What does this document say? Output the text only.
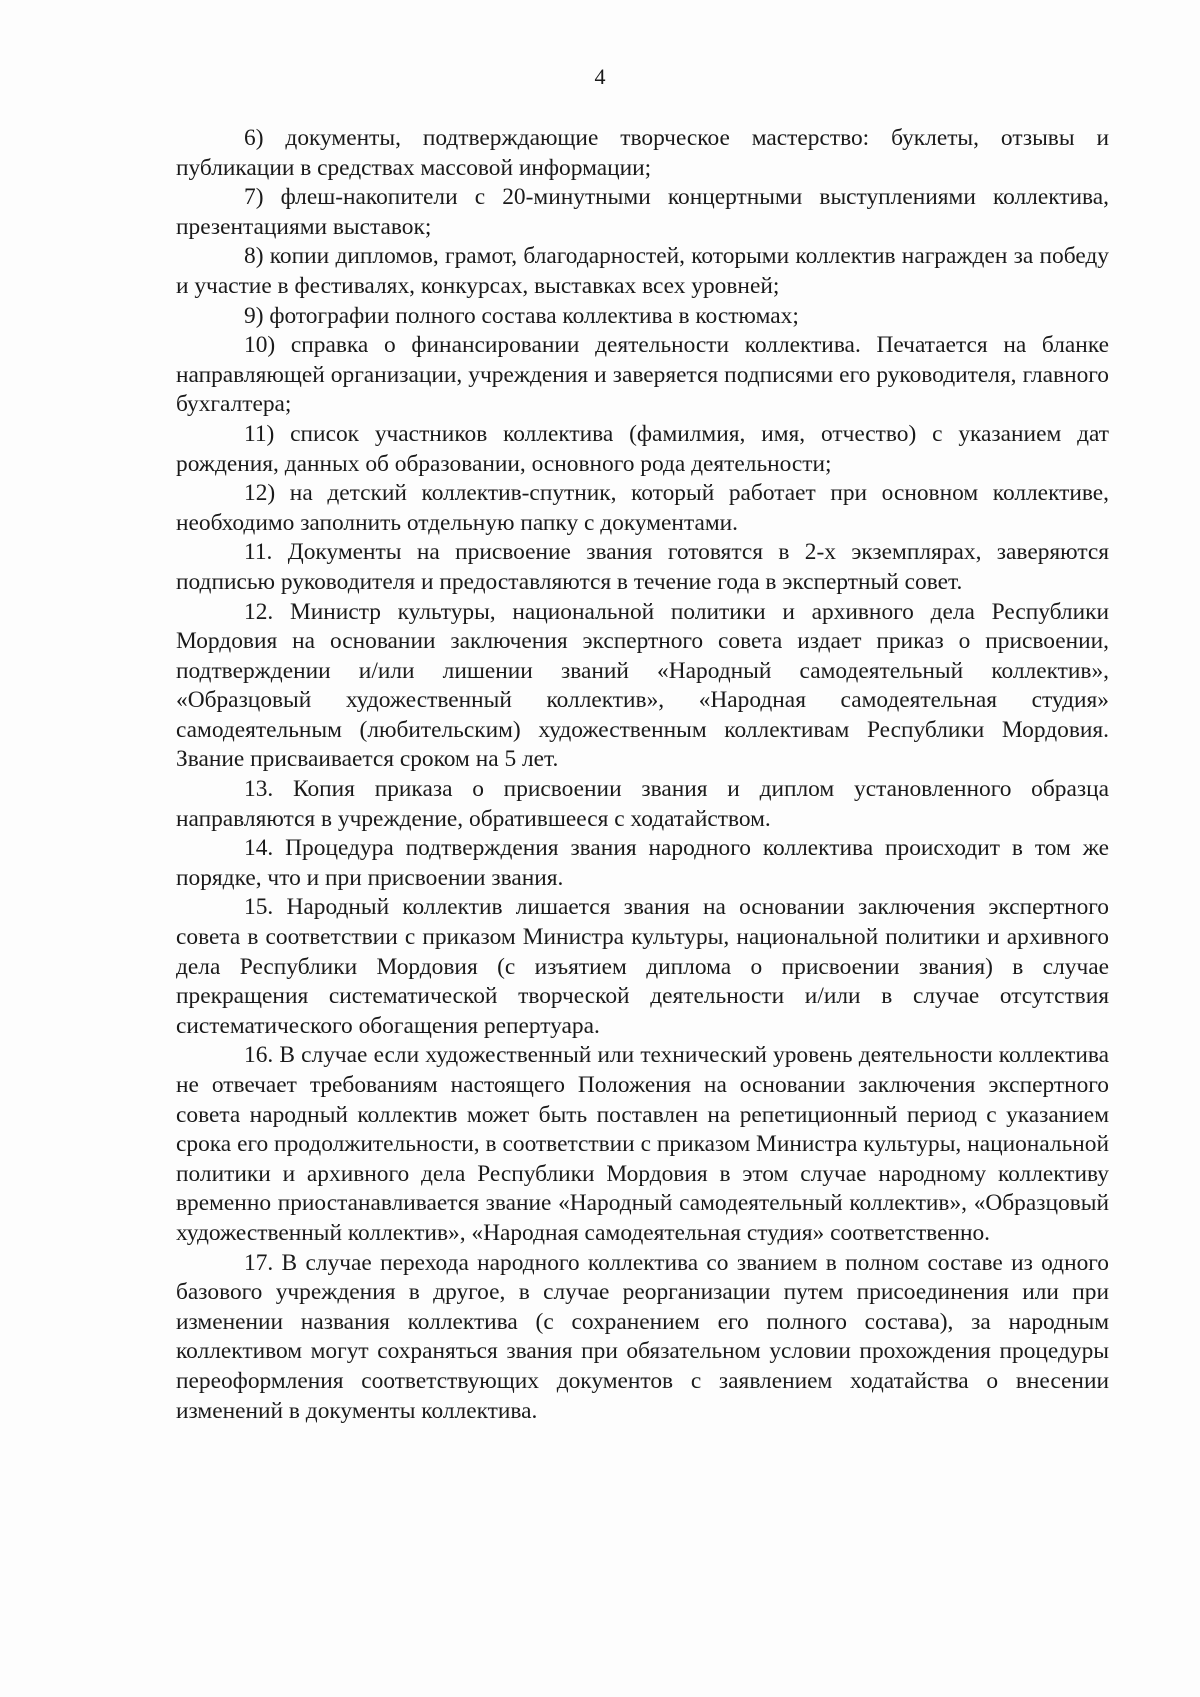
4

6) документы, подтверждающие творческое мастерство: буклеты, отзывы и публикации в средствах массовой информации;

7) флеш-накопители с 20-минутными концертными выступлениями коллектива, презентациями выставок;

8) копии дипломов, грамот, благодарностей, которыми коллектив награжден за победу и участие в фестивалях, конкурсах, выставках всех уровней;

9) фотографии полного состава коллектива в костюмах;

10) справка о финансировании деятельности коллектива. Печатается на бланке направляющей организации, учреждения и заверяется подписями его руководителя, главного бухгалтера;

11) список участников коллектива (фамилмия, имя, отчество) с указанием дат рождения, данных об образовании, основного рода деятельности;

12) на детский коллектив-спутник, который работает при основном коллективе, необходимо заполнить отдельную папку с документами.

11. Документы на присвоение звания готовятся в 2-х экземплярах, заверяются подписью руководителя и предоставляются в течение года в экспертный совет.

12. Министр культуры, национальной политики и архивного дела Республики Мордовия на основании заключения экспертного совета издает приказ о присвоении, подтверждении и/или лишении званий «Народный самодеятельный коллектив», «Образцовый художественный коллектив», «Народная самодеятельная студия» самодеятельным (любительским) художественным коллективам Республики Мордовия. Звание присваивается сроком на 5 лет.

13. Копия приказа о присвоении звания и диплом установленного образца направляются в учреждение, обратившееся с ходатайством.

14. Процедура подтверждения звания народного коллектива происходит в том же порядке, что и при присвоении звания.

15. Народный коллектив лишается звания на основании заключения экспертного совета в соответствии с приказом Министра культуры, национальной политики и архивного дела Республики Мордовия (с изъятием диплома о присвоении звания) в случае прекращения систематической творческой деятельности и/или в случае отсутствия систематического обогащения репертуара.

16. В случае если художественный или технический уровень деятельности коллектива не отвечает требованиям настоящего Положения на основании заключения экспертного совета народный коллектив может быть поставлен на репетиционный период с указанием срока его продолжительности, в соответствии с приказом Министра культуры, национальной политики и архивного дела Республики Мордовия в этом случае народному коллективу временно приостанавливается звание «Народный самодеятельный коллектив», «Образцовый художественный коллектив», «Народная самодеятельная студия» соответственно.

17. В случае перехода народного коллектива со званием в полном составе из одного базового учреждения в другое, в случае реорганизации путем присоединения или при изменении названия коллектива (с сохранением его полного состава), за народным коллективом могут сохраняться звания при обязательном условии прохождения процедуры переоформления соответствующих документов с заявлением ходатайства о внесении изменений в документы коллектива.
